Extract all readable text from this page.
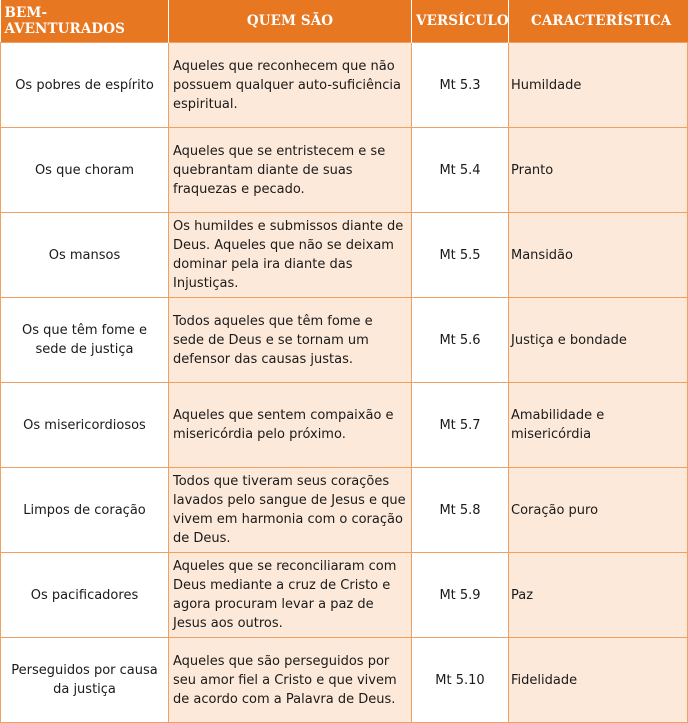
BEM-AVENTURADOS	QUEM SÃO	VERSÍCULO	CARACTERÍSTICA
Os pobres de espírito	Aqueles que reconhecem que não possuem qualquer auto-suficiência espiritual.	Mt 5.3	Humildade
Os que choram	Aqueles que se entristecem e se quebrantam diante de suas fraquezas e pecado.	Mt 5.4	Pranto
Os mansos	Os humildes e submissos diante de Deus. Aqueles que não se deixam dominar pela ira diante das Injustiças.	Mt 5.5	Mansidão
Os que têm fome e sede de justiça	Todos aqueles que têm fome e sede de Deus e se tornam um defensor das causas justas.	Mt 5.6	Justiça e bondade
Os misericordiosos	Aqueles que sentem compaixão e misericórdia pelo próximo.	Mt 5.7	Amabilidade e misericórdia
Limpos de coração	Todos que tiveram seus corações lavados pelo sangue de Jesus e que vivem em harmonia com o coração de Deus.	Mt 5.8	Coração puro
Os pacificadores	Aqueles que se reconciliaram com Deus mediante a cruz de Cristo e agora procuram levar a paz de Jesus aos outros.	Mt 5.9	Paz
Perseguidos por causa da justiça	Aqueles que são perseguidos por seu amor fiel a Cristo e que vivem de acordo com a Palavra de Deus.	Mt 5.10	Fidelidade
